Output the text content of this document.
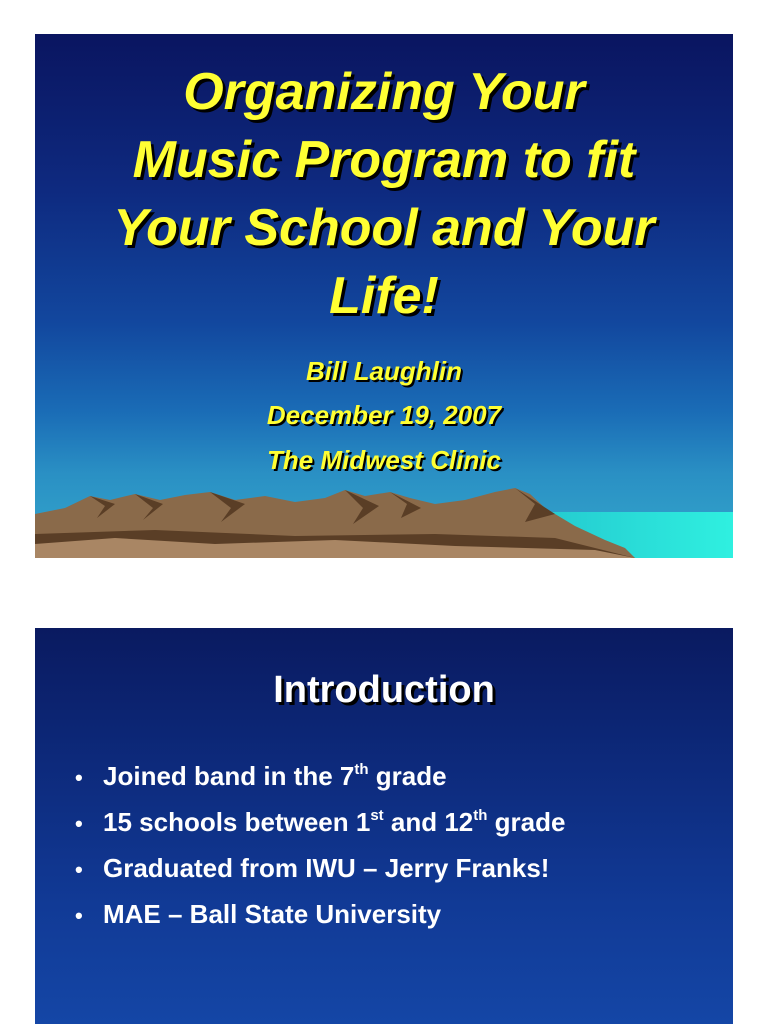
Organizing Your
Music Program to fit
Your School and Your
Life!
Bill Laughlin
December 19, 2007
The Midwest Clinic
Introduction
• Joined band in the 7th grade
• 15 schools between 1st and 12th grade
• Graduated from IWU – Jerry Franks!
• MAE – Ball State University
